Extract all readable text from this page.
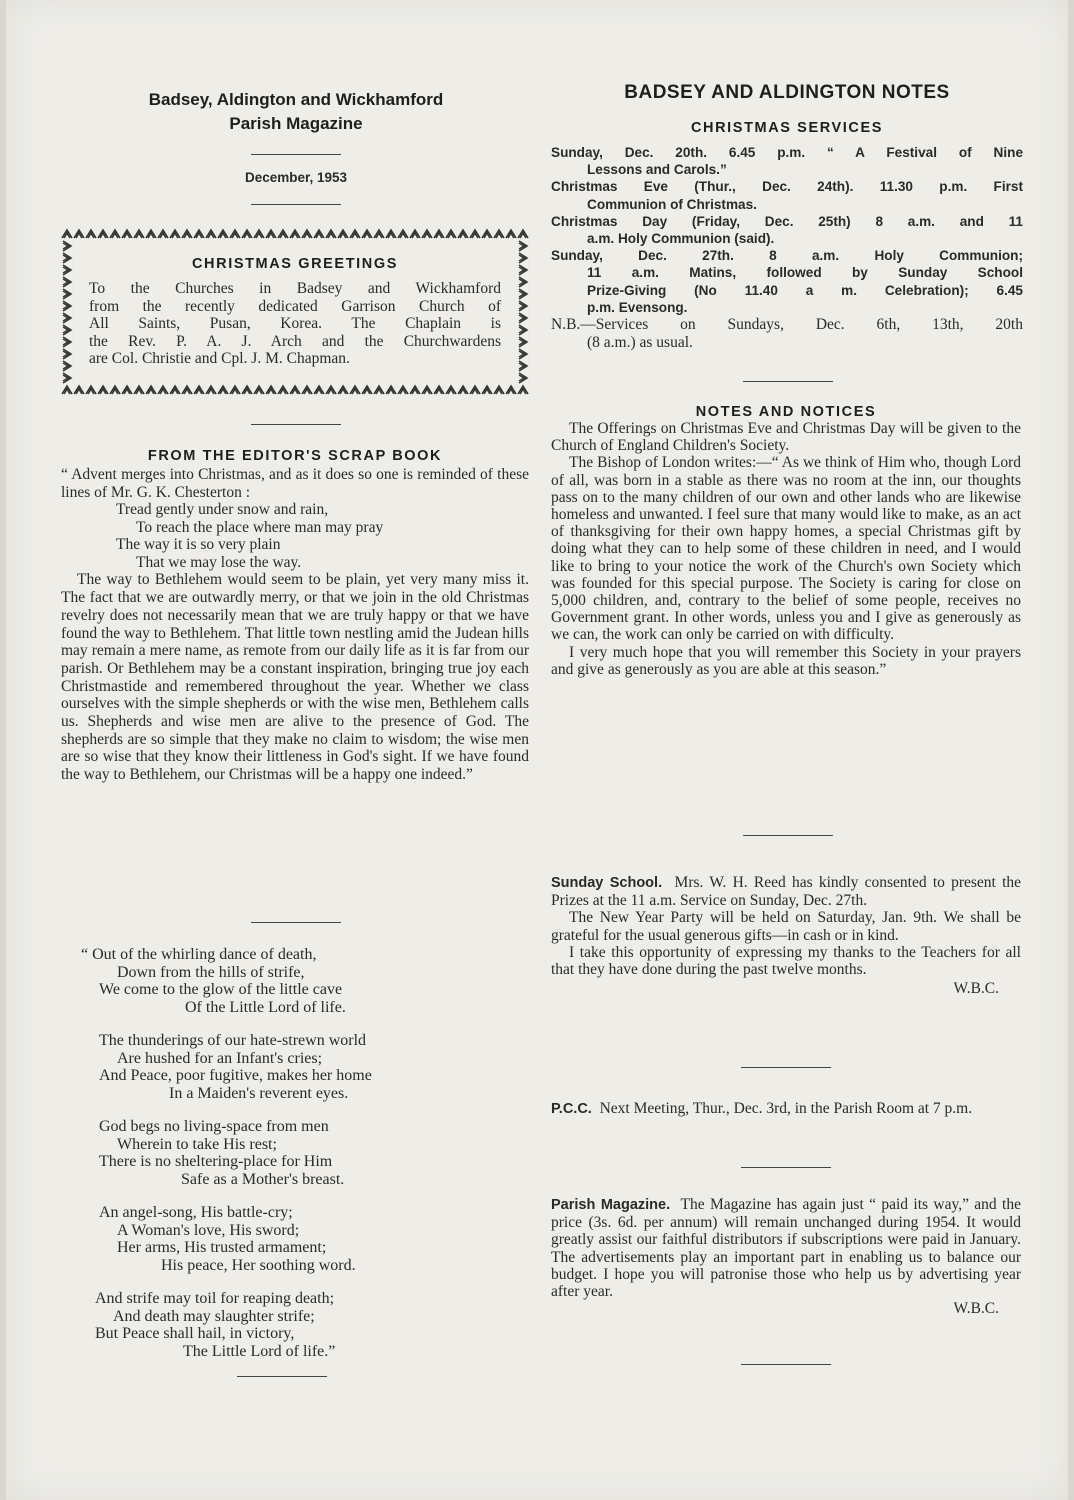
Badsey, Aldington and Wickhamford
Parish Magazine
December, 1953
CHRISTMAS GREETINGS
To the Churches in Badsey and Wickhamford
from the recently dedicated Garrison Church of
All Saints, Pusan, Korea. The Chaplain is
the Rev. P. A. J. Arch and the Churchwardens
are Col. Christie and Cpl. J. M. Chapman.
FROM THE EDITOR'S SCRAP BOOK

“ Advent merges into Christmas, and as it does so one is reminded of these lines of Mr. G. K. Chesterton :

Tread gently under snow and rain,
To reach the place where man may pray
The way it is so very plain
That we may lose the way.

The way to Bethlehem would seem to be plain, yet very many miss it. The fact that we are outwardly merry, or that we join in the old Christmas revelry does not necessarily mean that we are truly happy or that we have found the way to Bethlehem. That little town nestling amid the Judean hills may remain a mere name, as remote from our daily life as it is far from our parish. Or Bethlehem may be a constant inspiration, bringing true joy each Christmastide and remembered throughout the year. Whether we class ourselves with the simple shepherds or with the wise men, Bethlehem calls us. Shepherds and wise men are alive to the presence of God. The shepherds are so simple that they make no claim to wisdom; the wise men are so wise that they know their littleness in God's sight. If we have found the way to Bethlehem, our Christmas will be a happy one indeed.”

“ Out of the whirling dance of death,
Down from the hills of strife,
We come to the glow of the little cave
Of the Little Lord of life.
The thunderings of our hate-strewn world
Are hushed for an Infant's cries;
And Peace, poor fugitive, makes her home
In a Maiden's reverent eyes.
God begs no living-space from men
Wherein to take His rest;
There is no sheltering-place for Him
Safe as a Mother's breast.
An angel-song, His battle-cry;
A Woman's love, His sword;
Her arms, His trusted armament;
His peace, Her soothing word.
And strife may toil for reaping death;
And death may slaughter strife;
But Peace shall hail, in victory,
The Little Lord of life.”
BADSEY AND ALDINGTON NOTES
CHRISTMAS SERVICES
Sunday, Dec. 20th. 6.45 p.m. “ A Festival of Nine
Lessons and Carols.”
Christmas Eve (Thur., Dec. 24th). 11.30 p.m. First
Communion of Christmas.
Christmas Day (Friday, Dec. 25th) 8 a.m. and 11
a.m. Holy Communion (said).
Sunday, Dec. 27th. 8 a.m. Holy Communion;
11 a.m. Matins, followed by Sunday School
Prize-Giving (No 11.40 a m. Celebration); 6.45
p.m. Evensong.
N.B.—Services on Sundays, Dec. 6th, 13th, 20th
(8 a.m.) as usual.
NOTES AND NOTICES

The Offerings on Christmas Eve and Christmas Day will be given to the Church of England Children's Society.

The Bishop of London writes:—“ As we think of Him who, though Lord of all, was born in a stable as there was no room at the inn, our thoughts pass on to the many children of our own and other lands who are likewise homeless and unwanted. I feel sure that many would like to make, as an act of thanksgiving for their own happy homes, a special Christmas gift by doing what they can to help some of these children in need, and I would like to bring to your notice the work of the Church's own Society which was founded for this special purpose. The Society is caring for close on 5,000 children, and, contrary to the belief of some people, receives no Government grant. In other words, unless you and I give as generously as we can, the work can only be carried on with difficulty.

I very much hope that you will remember this Society in your prayers and give as generously as you are able at this season.”

Sunday School. Mrs. W. H. Reed has kindly consented to present the Prizes at the 11 a.m. Service on Sunday, Dec. 27th.

The New Year Party will be held on Saturday, Jan. 9th. We shall be grateful for the usual generous gifts—in cash or in kind.

I take this opportunity of expressing my thanks to the Teachers for all that they have done during the past twelve months.

W.B.C.

P.C.C. Next Meeting, Thur., Dec. 3rd, in the Parish Room at 7 p.m.

Parish Magazine. The Magazine has again just “ paid its way,” and the price (3s. 6d. per annum) will remain unchanged during 1954. It would greatly assist our faithful distributors if subscriptions were paid in January. The advertisements play an important part in enabling us to balance our budget. I hope you will patronise those who help us by advertising year after year.

W.B.C.
